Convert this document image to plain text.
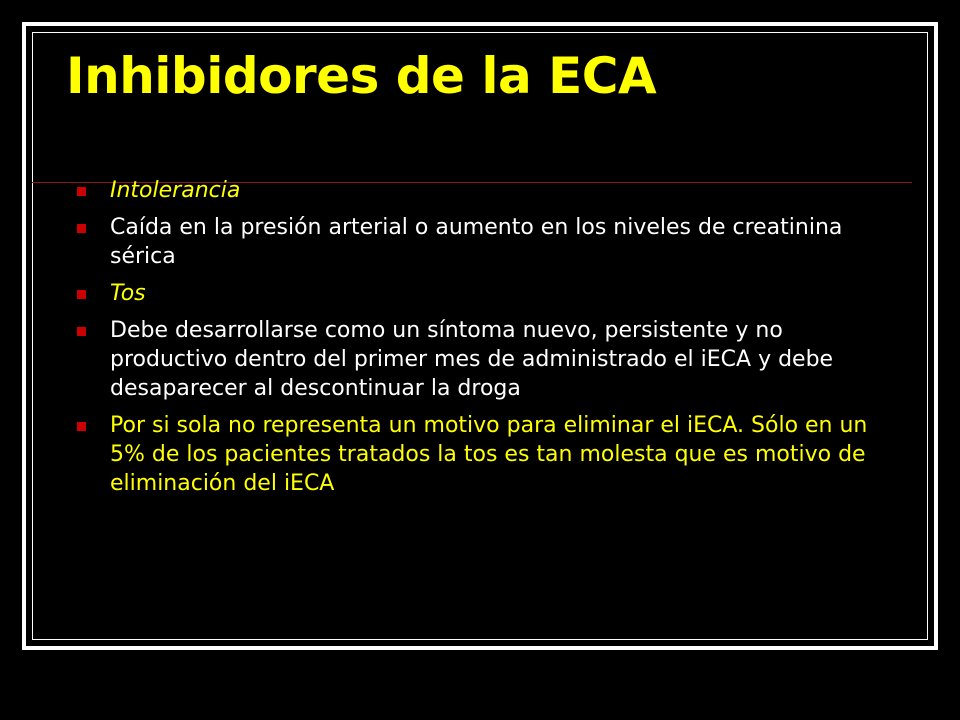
Inhibidores de la ECA
Intolerancia
Caída en la presión arterial o aumento en los niveles de creatinina sérica
Tos
Debe desarrollarse como un síntoma nuevo, persistente y no productivo dentro del primer mes de administrado el iECA y debe desaparecer al descontinuar la droga
Por si sola no representa un motivo para eliminar el iECA. Sólo en un 5% de los pacientes tratados la tos es tan molesta que es motivo de eliminación del iECA
